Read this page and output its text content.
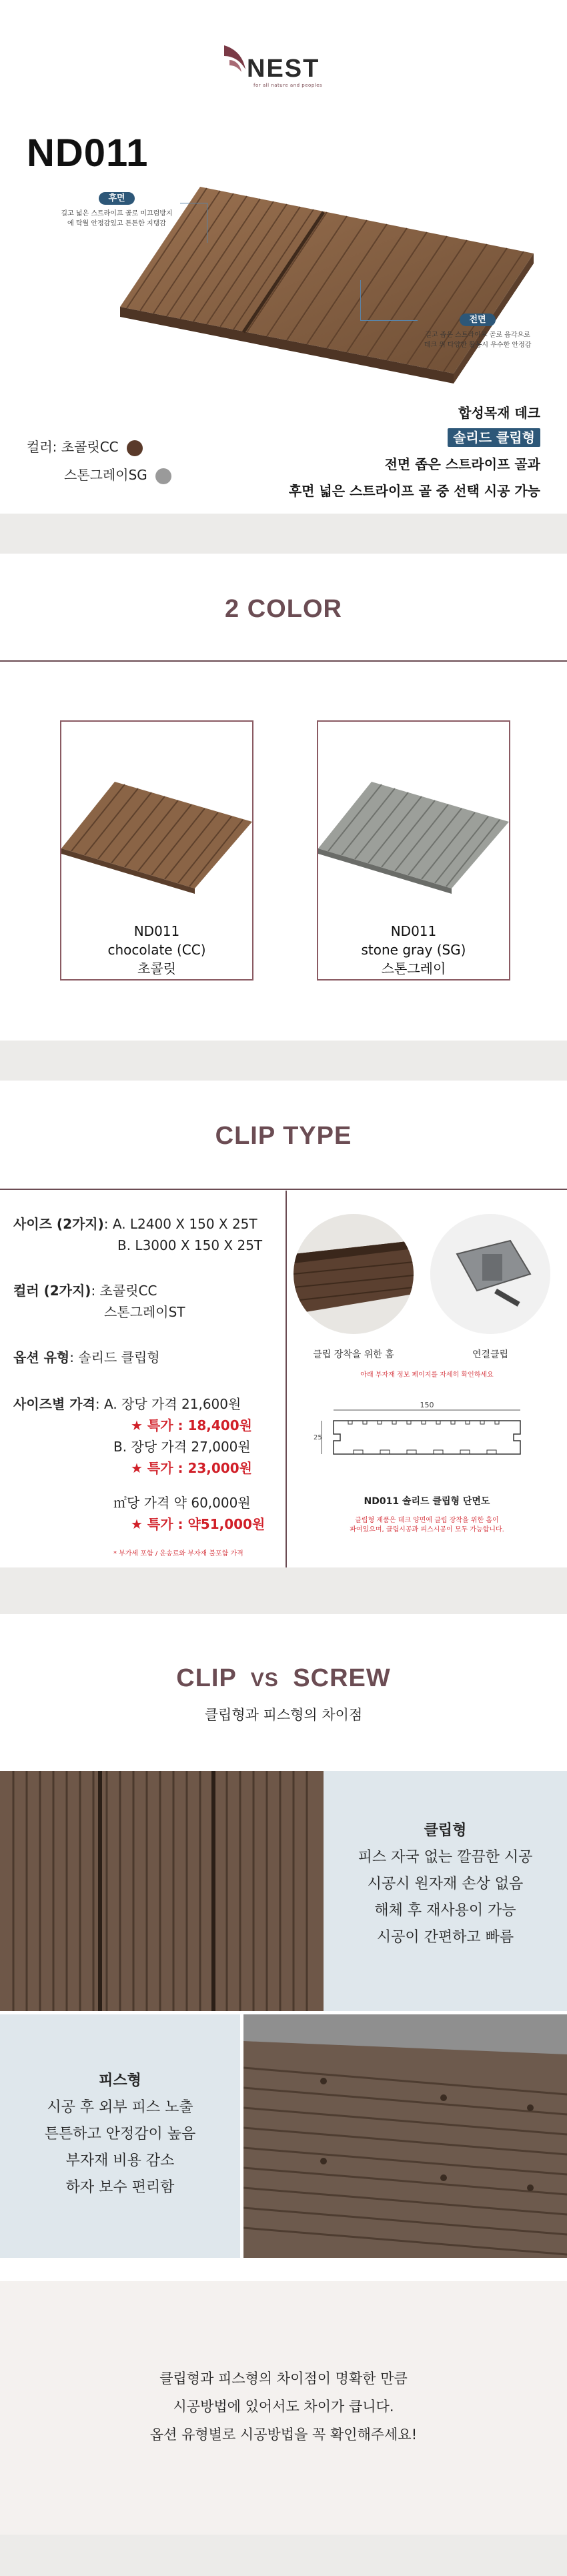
NEST
for all nature and peoples
ND011
후면
길고 넓은 스트라이프 골로 미끄럼방지에 탁월 안정감있고 튼튼한 지탱감
전면
길고 좁은 스트라이프 골로 음각으로 데크 위 다양한 활동시 우수한 안정감
컬러: 초콜릿CC
스톤그레이SG
합성목재 데크
솔리드 클립형
전면 좁은 스트라이프 골과
후면 넓은 스트라이프 골 중 선택 시공 가능
2 COLOR
ND011
chocolate (CC)
초콜릿
ND011
stone gray (SG)
스톤그레이
CLIP TYPE
사이즈 (2가지): A. L2400 X 150 X 25T
B. L3000 X 150 X 25T
컬러 (2가지): 초콜릿CC
스톤그레이ST
옵션 유형: 솔리드 클립형
사이즈별 가격: A. 장당 가격 21,600원
★ 특가 : 18,400원
B. 장당 가격 27,000원
★ 특가 : 23,000원
㎡당 가격 약 60,000원
★ 특가 : 약51,000원
* 부가세 포함 / 운송료와 부자재 불포함 가격
클립 장착을 위한 홈	연결클립
아래 부자재 정보 페이지를 자세히 확인하세요
150
25
ND011 솔리드 클립형 단면도
클립형 제품은 데크 양면에 클립 장착을 위한 홈이
파여있으며, 클립시공과 피스시공이 모두 가능합니다.
CLIP VS SCREW
클립형과 피스형의 차이점
클립형
피스 자국 없는 깔끔한 시공
시공시 원자재 손상 없음
해체 후 재사용이 가능
시공이 간편하고 빠름
피스형
시공 후 외부 피스 노출
튼튼하고 안정감이 높음
부자재 비용 감소
하자 보수 편리함
클립형과 피스형의 차이점이 명확한 만큼
시공방법에 있어서도 차이가 큽니다.
옵션 유형별로 시공방법을 꼭 확인해주세요!
